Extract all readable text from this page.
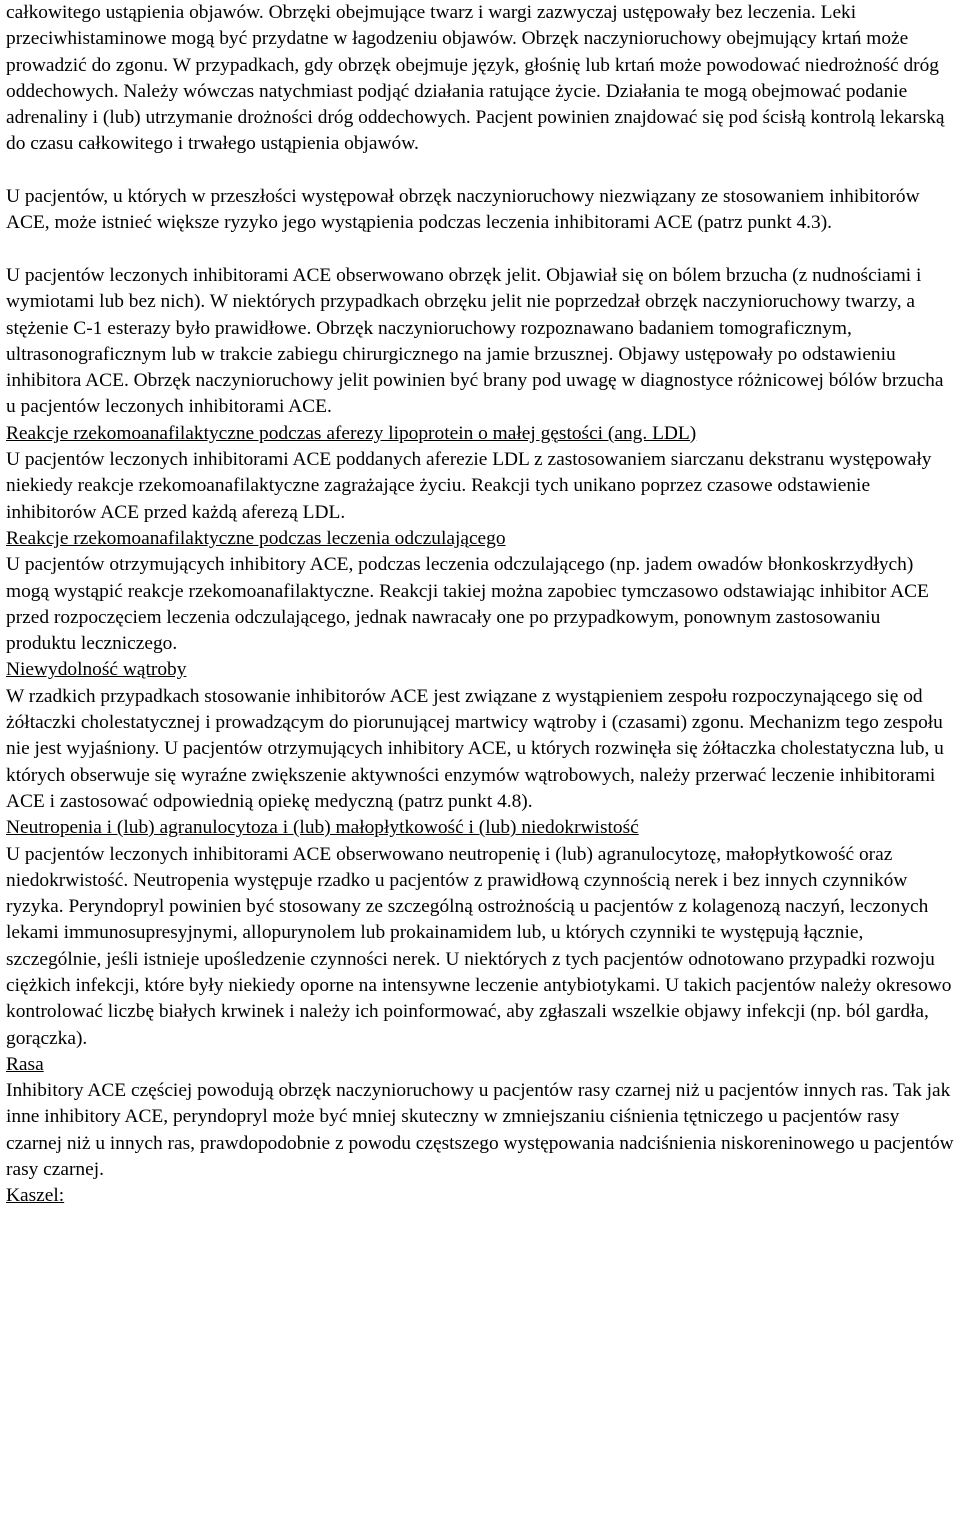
całkowitego ustąpienia objawów. Obrzęki obejmujące twarz i wargi zazwyczaj ustępowały bez leczenia. Leki przeciwhistaminowe mogą być przydatne w łagodzeniu objawów. Obrzęk naczynioruchowy obejmujący krtań może prowadzić do zgonu. W przypadkach, gdy obrzęk obejmuje język, głośnię lub krtań może powodować niedrożność dróg oddechowych. Należy wówczas natychmiast podjąć działania ratujące życie. Działania te mogą obejmować podanie adrenaliny i (lub) utrzymanie drożności dróg oddechowych. Pacjent powinien znajdować się pod ścisłą kontrolą lekarską do czasu całkowitego i trwałego ustąpienia objawów.

U pacjentów, u których w przeszłości występował obrzęk naczynioruchowy niezwiązany ze stosowaniem inhibitorów ACE, może istnieć większe ryzyko jego wystąpienia podczas leczenia inhibitorami ACE (patrz punkt 4.3).

U pacjentów leczonych inhibitorami ACE obserwowano obrzęk jelit. Objawiał się on bólem brzucha (z nudnościami i wymiotami lub bez nich). W niektórych przypadkach obrzęku jelit nie poprzedzał obrzęk naczynioruchowy twarzy, a stężenie C-1 esterazy było prawidłowe. Obrzęk naczynioruchowy rozpoznawano badaniem tomograficznym, ultrasonograficznym lub w trakcie zabiegu chirurgicznego na jamie brzusznej. Objawy ustępowały po odstawieniu inhibitora ACE. Obrzęk naczynioruchowy jelit powinien być brany pod uwagę w diagnostyce różnicowej bólów brzucha u pacjentów leczonych inhibitorami ACE.

Reakcje rzekomoanafilaktyczne podczas aferezy lipoprotein o małej gęstości (ang. LDL)

U pacjentów leczonych inhibitorami ACE poddanych aferezie LDL z zastosowaniem siarczanu dekstranu występowały niekiedy reakcje rzekomoanafilaktyczne zagrażające życiu. Reakcji tych unikano poprzez czasowe odstawienie inhibitorów ACE przed każdą aferezą LDL.

Reakcje rzekomoanafilaktyczne podczas leczenia odczulającego

U pacjentów otrzymujących inhibitory ACE, podczas leczenia odczulającego (np. jadem owadów błonkoskrzydłych) mogą wystąpić reakcje rzekomoanafilaktyczne. Reakcji takiej można zapobiec tymczasowo odstawiając inhibitor ACE przed rozpoczęciem leczenia odczulającego, jednak nawracały one po przypadkowym, ponownym zastosowaniu produktu leczniczego.

Niewydolność wątroby

W rzadkich przypadkach stosowanie inhibitorów ACE jest związane z wystąpieniem zespołu rozpoczynającego się od żółtaczki cholestatycznej i prowadzącym do piorunującej martwicy wątroby i (czasami) zgonu. Mechanizm tego zespołu nie jest wyjaśniony. U pacjentów otrzymujących inhibitory ACE, u których rozwinęła się żółtaczka cholestatyczna lub, u których obserwuje się wyraźne zwiększenie aktywności enzymów wątrobowych, należy przerwać leczenie inhibitorami ACE i zastosować odpowiednią opiekę medyczną (patrz punkt 4.8).

Neutropenia i (lub) agranulocytoza i (lub) małopłytkowość i (lub) niedokrwistość

U pacjentów leczonych inhibitorami ACE obserwowano neutropenię i (lub) agranulocytozę, małopłytkowość oraz niedokrwistość. Neutropenia występuje rzadko u pacjentów z prawidłową czynnością nerek i bez innych czynników ryzyka. Peryndopryl powinien być stosowany ze szczególną ostrożnością u pacjentów z kolagenozą naczyń, leczonych lekami immunosupresyjnymi, allopurynolem lub prokainamidem lub, u których czynniki te występują łącznie, szczególnie, jeśli istnieje upośledzenie czynności nerek. U niektórych z tych pacjentów odnotowano przypadki rozwoju ciężkich infekcji, które były niekiedy oporne na intensywne leczenie antybiotykami. U takich pacjentów należy okresowo kontrolować liczbę białych krwinek i należy ich poinformować, aby zgłaszali wszelkie objawy infekcji (np. ból gardła, gorączka).

Rasa

Inhibitory ACE częściej powodują obrzęk naczynioruchowy u pacjentów rasy czarnej niż u pacjentów innych ras. Tak jak inne inhibitory ACE, peryndopryl może być mniej skuteczny w zmniejszaniu ciśnienia tętniczego u pacjentów rasy czarnej niż u innych ras, prawdopodobnie z powodu częstszego występowania nadciśnienia niskoreninowego u pacjentów rasy czarnej.

Kaszel:
